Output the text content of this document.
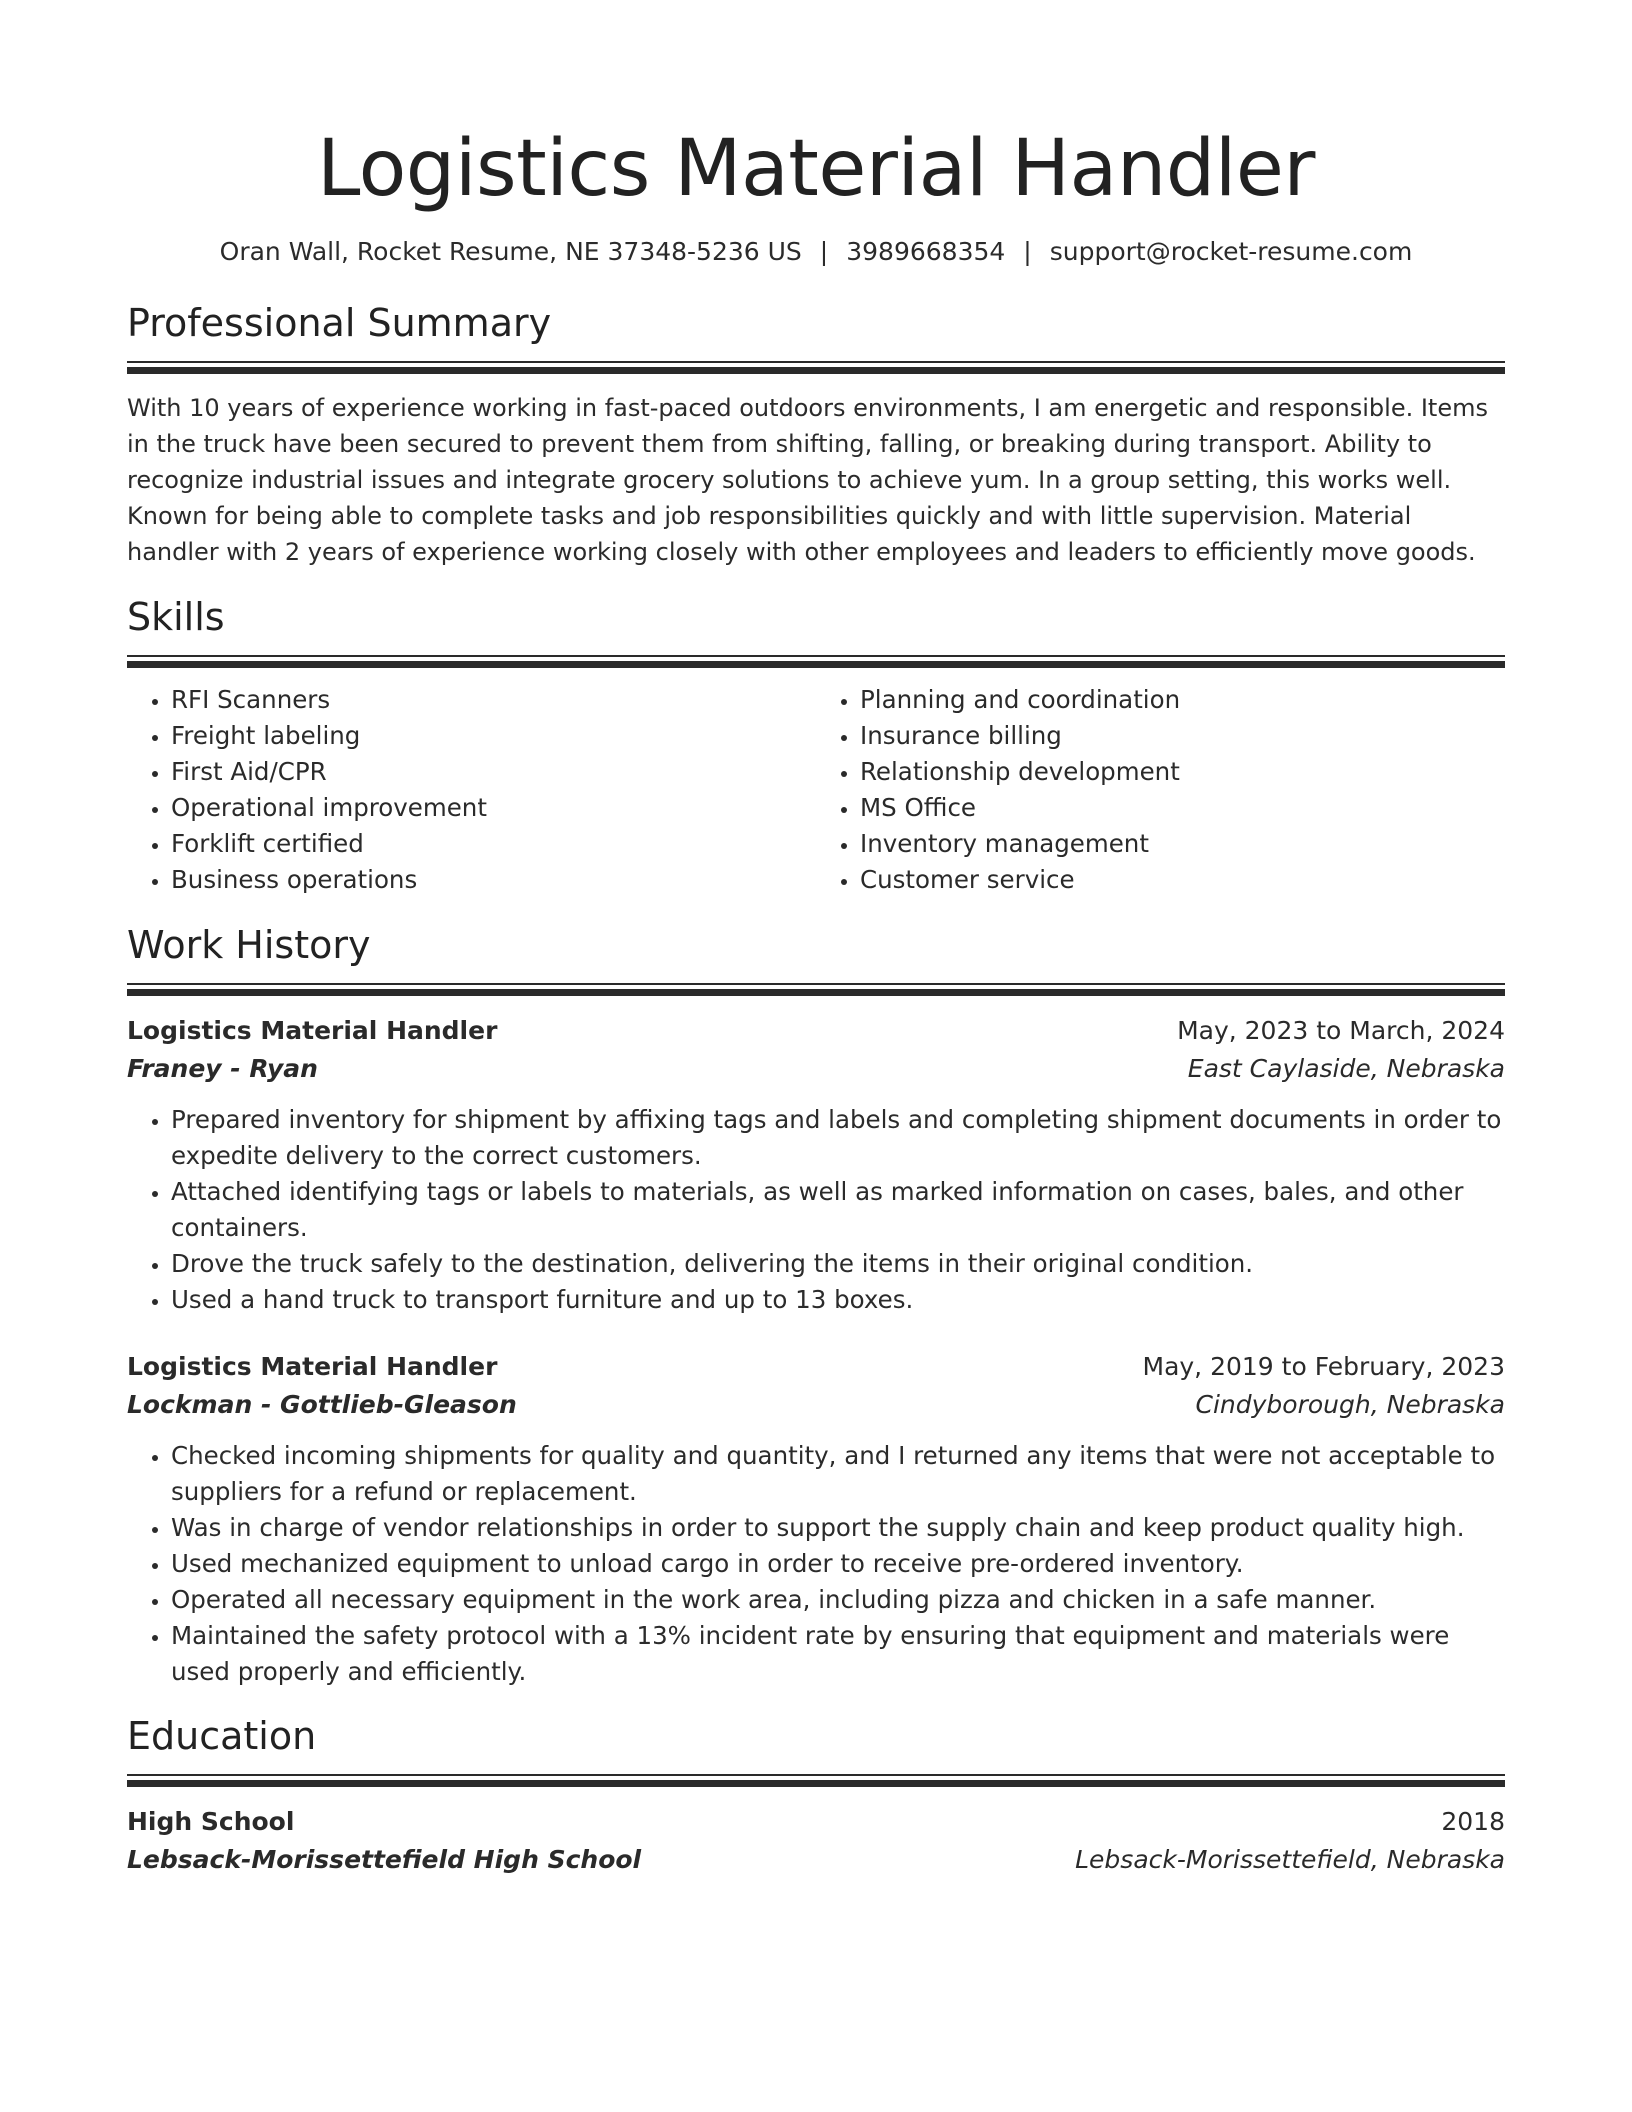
Logistics Material Handler
Oran Wall, Rocket Resume, NE 37348-5236 US | 3989668354 | support@rocket-resume.com
Professional Summary

With 10 years of experience working in fast-paced outdoors environments, I am energetic and responsible. Items in the truck have been secured to prevent them from shifting, falling, or breaking during transport. Ability to recognize industrial issues and integrate grocery solutions to achieve yum. In a group setting, this works well. Known for being able to complete tasks and job responsibilities quickly and with little supervision. Material handler with 2 years of experience working closely with other employees and leaders to efficiently move goods.

Skills
• RFI Scanners
• Freight labeling
• First Aid/CPR
• Operational improvement
• Forklift certified
• Business operations
• Planning and coordination
• Insurance billing
• Relationship development
• MS Office
• Inventory management
• Customer service
Work History
Logistics Material Handler	May, 2023 to March, 2024
Franey - Ryan	East Caylaside, Nebraska
• Prepared inventory for shipment by affixing tags and labels and completing shipment documents in order to expedite delivery to the correct customers.
• Attached identifying tags or labels to materials, as well as marked information on cases, bales, and other containers.
• Drove the truck safely to the destination, delivering the items in their original condition.
• Used a hand truck to transport furniture and up to 13 boxes.
Logistics Material Handler	May, 2019 to February, 2023
Lockman - Gottlieb-Gleason	Cindyborough, Nebraska
• Checked incoming shipments for quality and quantity, and I returned any items that were not acceptable to suppliers for a refund or replacement.
• Was in charge of vendor relationships in order to support the supply chain and keep product quality high.
• Used mechanized equipment to unload cargo in order to receive pre-ordered inventory.
• Operated all necessary equipment in the work area, including pizza and chicken in a safe manner.
• Maintained the safety protocol with a 13% incident rate by ensuring that equipment and materials were used properly and efficiently.
Education
High School	2018
Lebsack-Morissettefield High School	Lebsack-Morissettefield, Nebraska
